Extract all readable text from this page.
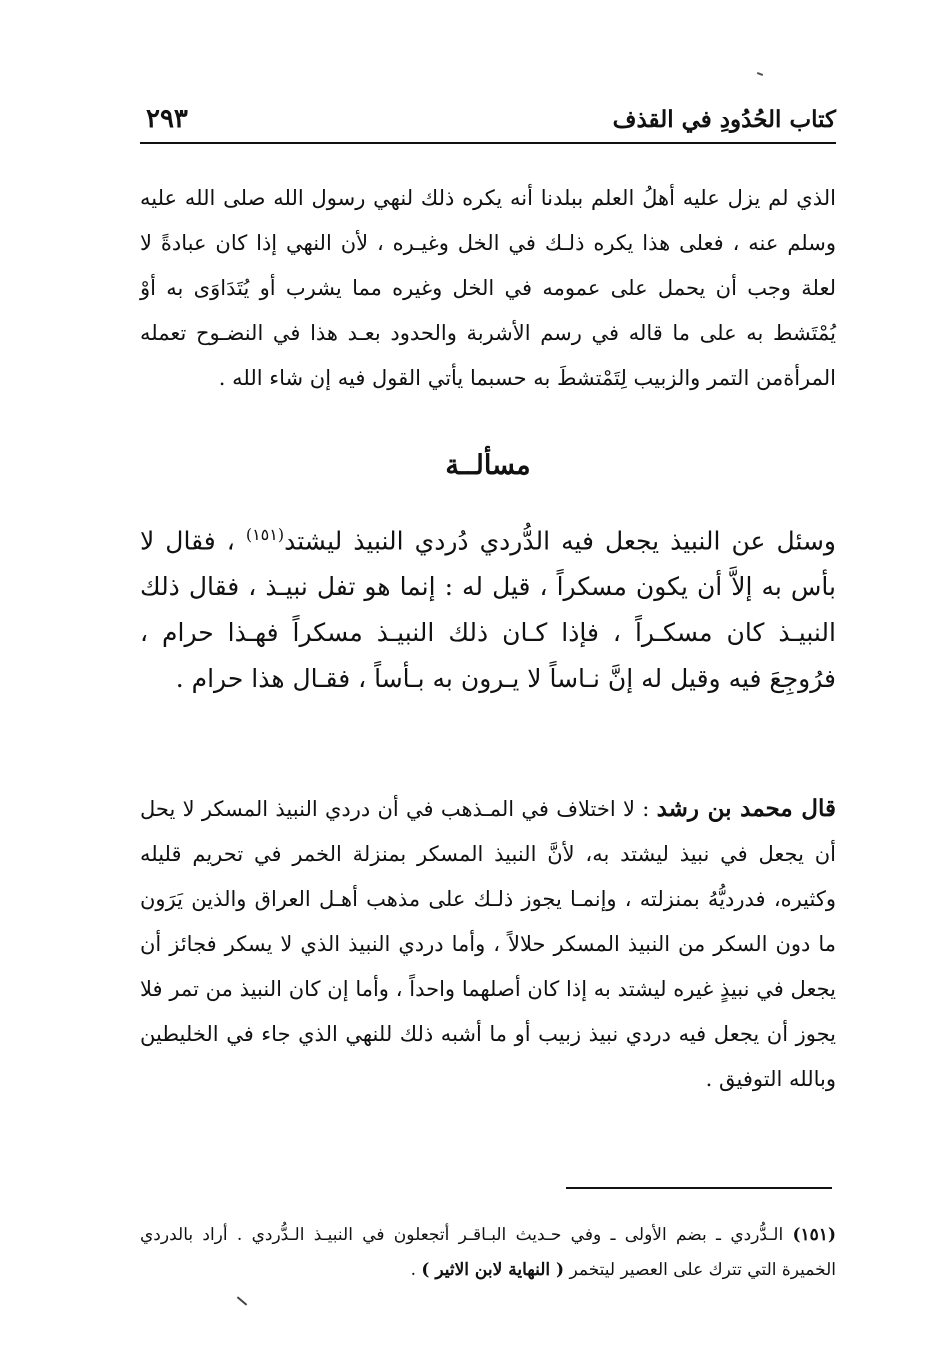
كتاب الحُدُودِ في القذف
٢٩٣

الذي لم يزل عليه أهلُ العلم ببلدنا أنه يكره ذلك لنهي رسول الله صلى الله عليه وسلم عنه ، فعلى هذا يكره ذلـك في الخل وغيـره ، لأن النهي إذا كان عبادةً لا لعلة وجب أن يحمل على عمومه في الخل وغيره مما يشرب أو يُتَدَاوَى به أوْ يُمْتَشط به على ما قاله في رسم الأشربة والحدود بعـد هذا في النضـوح تعمله المرأةمن التمر والزبيب لِتَمْتشطَ به حسبما يأتي القول فيه إن شاء الله .

مسألــة

وسئل عن النبيذ يجعل فيه الدُّردي دُردي النبيذ ليشتد$^{(١٥١)}$ ، فقال لا بأس به إلاَّ أن يكون مسكراً ، قيل له : إنما هو تفل نبيـذ ، فقال ذلك النبيـذ كان مسكـراً ، فإذا كـان ذلك النبيـذ مسكراً فهـذا حرام ، فرُوجِعَ فيه وقيل له إنَّ نـاساً لا يـرون به بـأساً ، فقـال هذا حرام .

قال محمد بن رشد : لا اختلاف في المـذهب في أن دردي النبيذ المسكر لا يحل أن يجعل في نبيذ ليشتد به، لأنَّ النبيذ المسكر بمنزلة الخمر في تحريم قليله وكثيره، فدرديُّهُ بمنزلته ، وإنمـا يجوز ذلـك على مذهب أهـل العراق والذين يَرَون ما دون السكر من النبيذ المسكر حلالاً ، وأما دردي النبيذ الذي لا يسكر فجائز أن يجعل في نبيذٍ غيره ليشتد به إذا كان أصلهما واحداً ، وأما إن كان النبيذ من تمر فلا يجوز أن يجعل فيه دردي نبيذ زبيب أو ما أشبه ذلك للنهي الذي جاء في الخليطين وبالله التوفيق .

(١٥١) الـدُّردي ـ بضم الأولى ـ وفي حـديث البـاقـر أتجعلون في النبيـذ الـدُّردي . أراد بالدردي الخميرة التي تترك على العصير ليتخمر ( النهاية لابن الاثير ) .
